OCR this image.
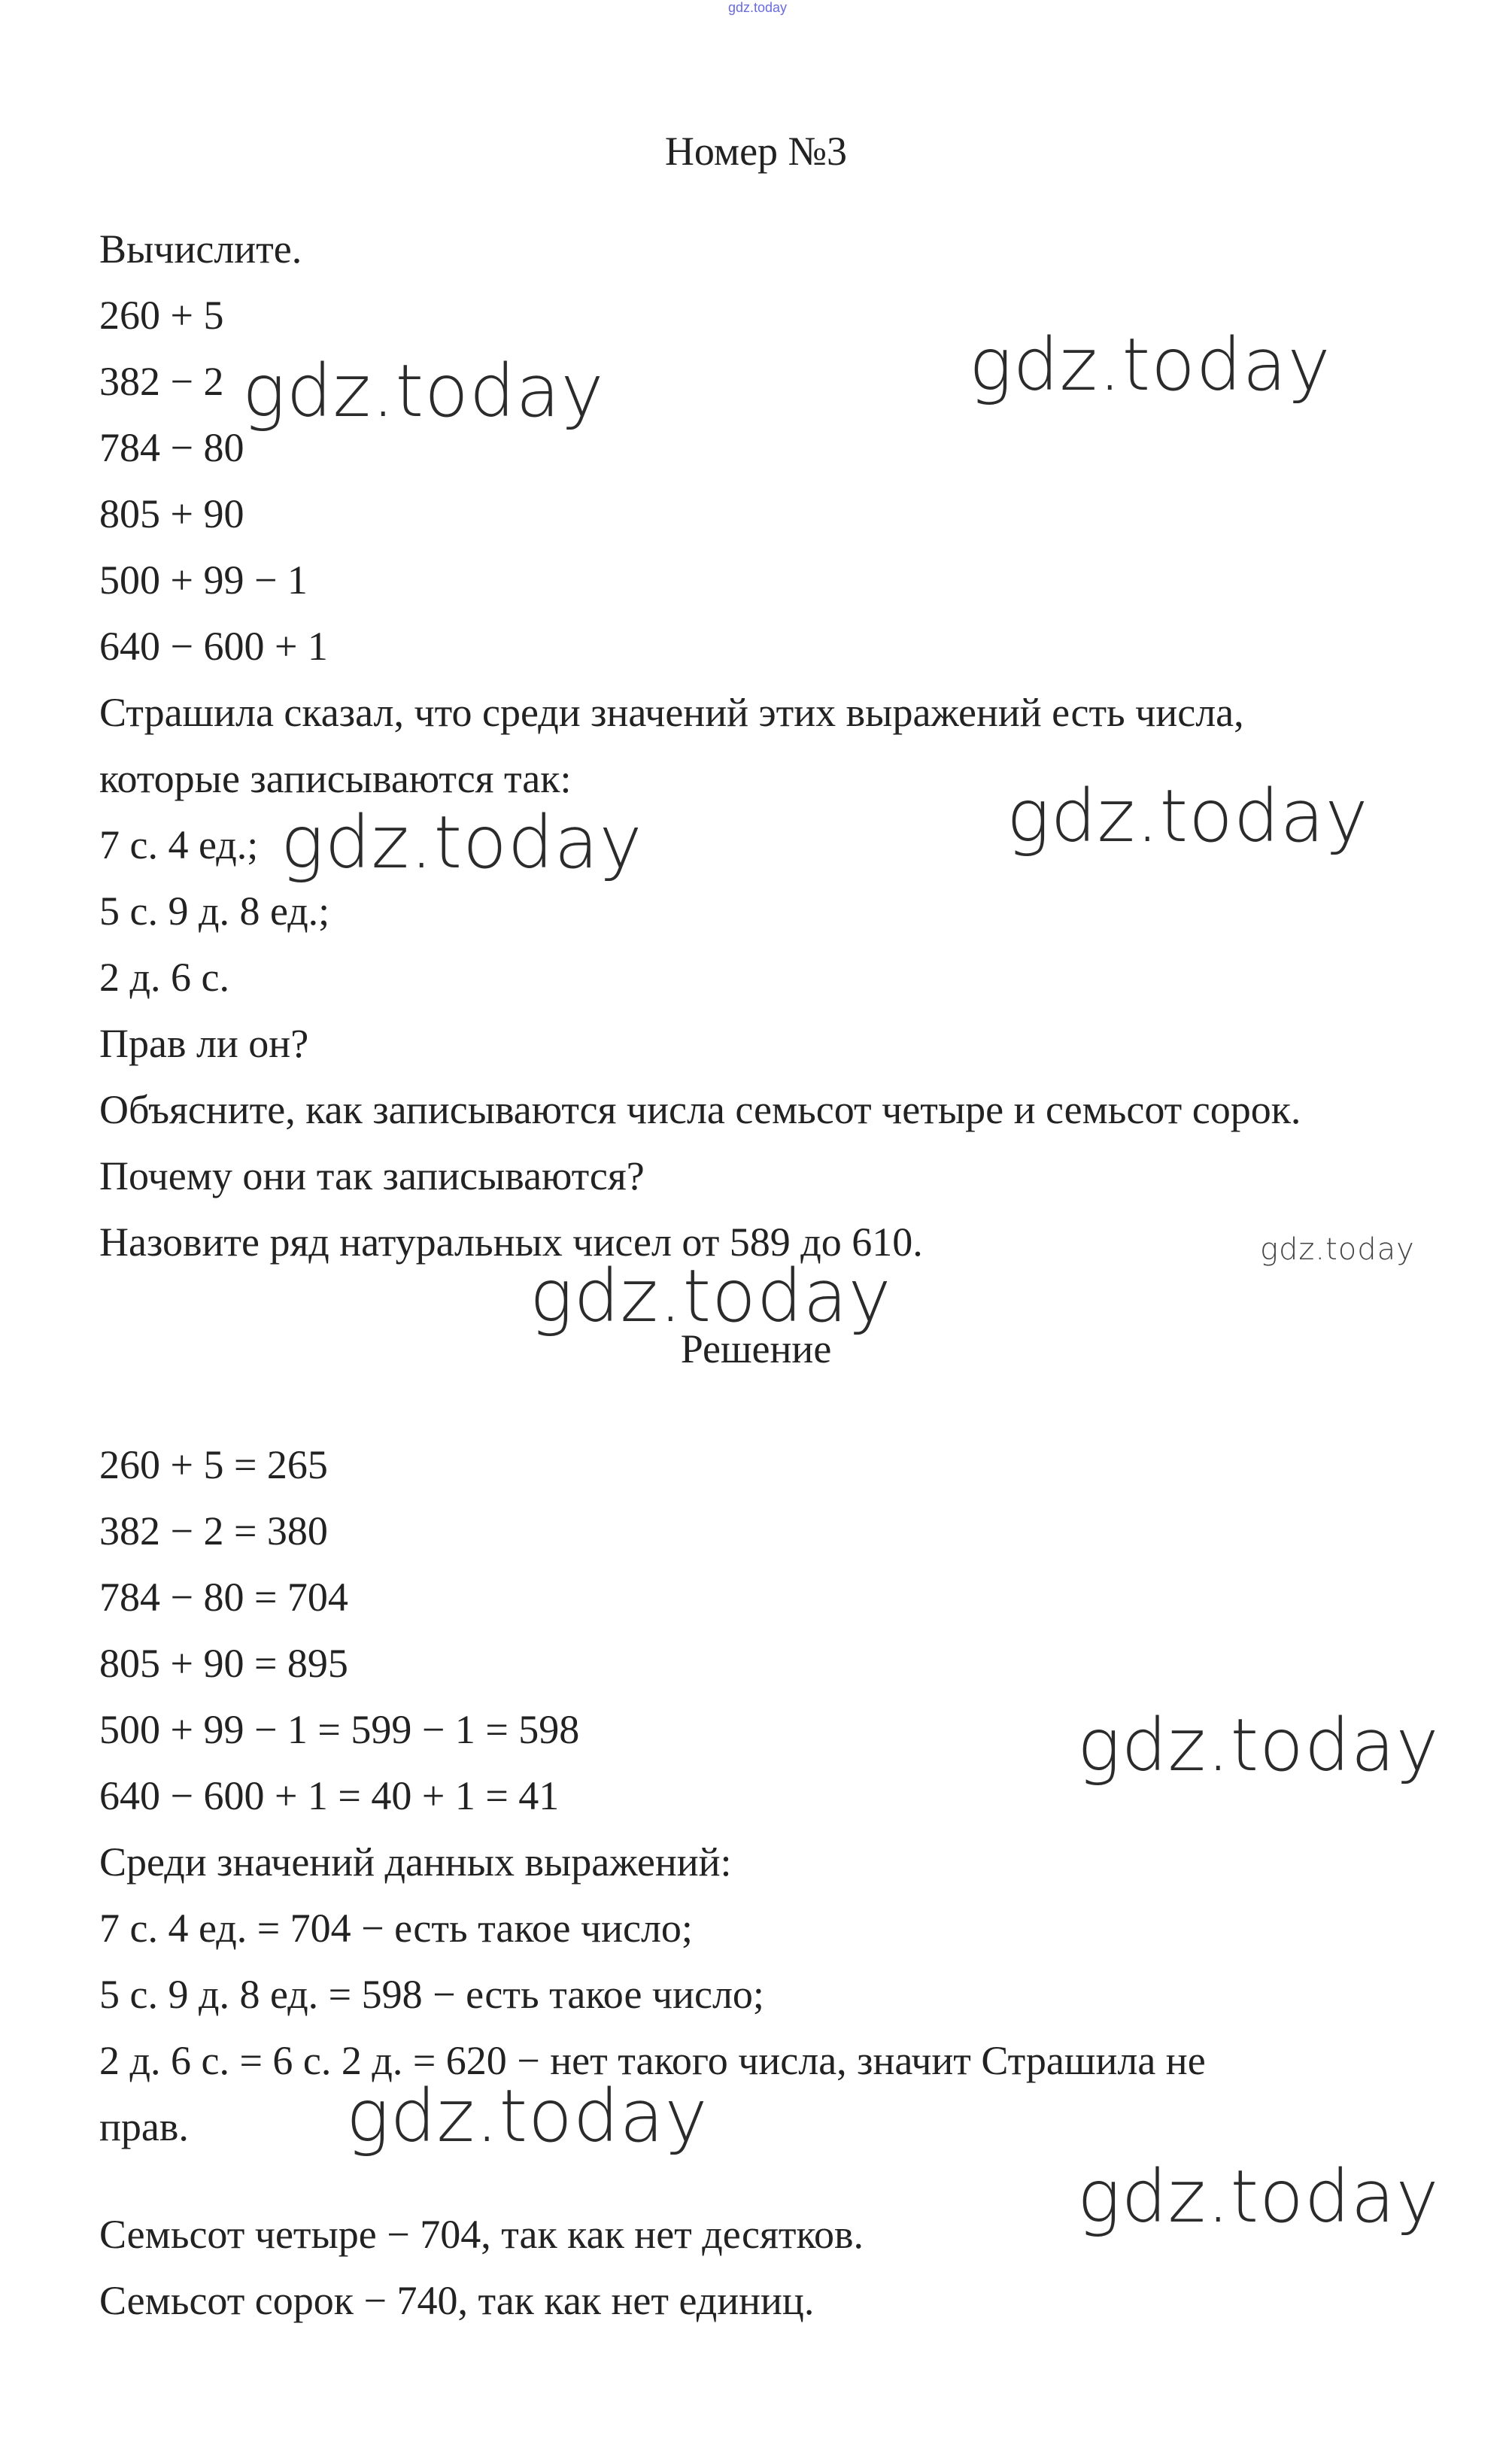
gdz.today
Номер №3
Вычислите.
260 + 5
382 − 2
784 − 80
805 + 90
500 + 99 − 1
640 − 600 + 1
Страшила сказал, что среди значений этих выражений есть числа,
которые записываются так:
7 с. 4 ед.;
5 с. 9 д. 8 ед.;
2 д. 6 с.
Прав ли он?
Объясните, как записываются числа семьсот четыре и семьсот сорок.
Почему они так записываются?
Назовите ряд натуральных чисел от 589 до 610.
Решение
260 + 5 = 265
382 − 2 = 380
784 − 80 = 704
805 + 90 = 895
500 + 99 − 1 = 599 − 1 = 598
640 − 600 + 1 = 40 + 1 = 41
Среди значений данных выражений:
7 с. 4 ед. = 704 − есть такое число;
5 с. 9 д. 8 ед. = 598 − есть такое число;
2 д. 6 с. = 6 с. 2 д. = 620 − нет такого числа, значит Страшила не
прав.
Семьсот четыре − 704, так как нет десятков.
Семьсот сорок − 740, так как нет единиц.
gdz.today	gdz.today
gdz.today	gdz.today
gdz.today
gdz.today
gdz.today
gdz.today
gdz.today
